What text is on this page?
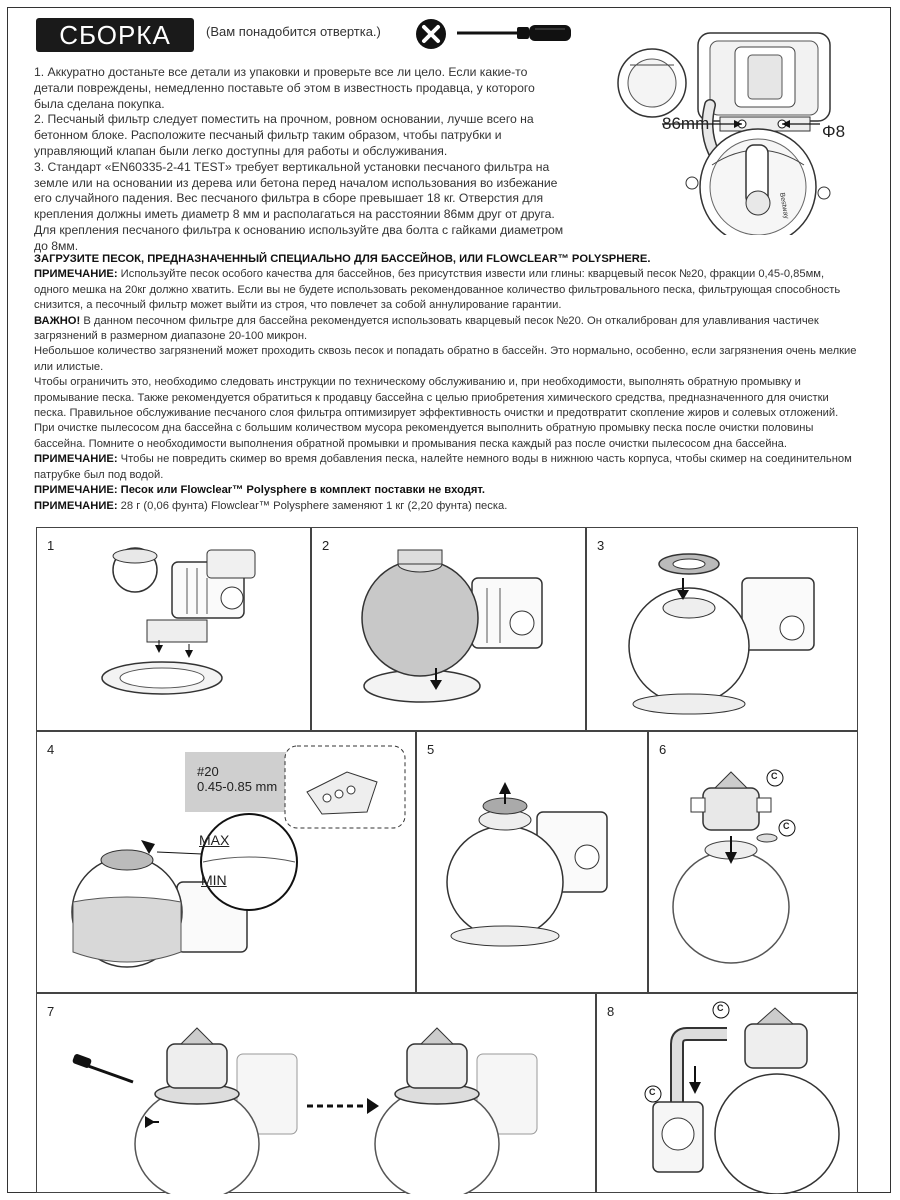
СБОРКА	(Вам понадобится отвертка.)

1. Аккуратно достаньте все детали из упаковки и проверьте все ли цело. Если какие-то детали повреждены, немедленно поставьте об этом в известность продавца, у которого была сделана покупка.

2. Песчаный фильтр следует поместить на прочном, ровном основании, лучше всего на бетонном блоке. Расположите песчаный фильтр таким образом, чтобы патрубки и управляющий клапан были легко доступны для работы и обслуживания.

3. Стандарт «EN60335-2-41 TEST» требует вертикальной установки песчаного фильтра на земле или на основании из дерева или бетона перед началом использования во избежание его случайного падения. Вес песчаного фильтра в сборе превышает 18 кг. Отверстия для крепления должны иметь диаметр 8 мм и располагаться на расстоянии 86мм друг от друга. Для крепления песчаного фильтра к основанию используйте два болта с гайками диаметром до 8мм.

Bestway
86mm	Φ8

ЗАГРУЗИТЕ ПЕСОК, ПРЕДНАЗНАЧЕННЫЙ СПЕЦИАЛЬНО ДЛЯ БАССЕЙНОВ, ИЛИ FLOWCLEAR™ POLYSPHERE.

ПРИМЕЧАНИЕ: Используйте песок особого качества для бассейнов, без присутствия извести или глины: кварцевый песок №20, фракции 0,45-0,85мм, одного мешка на 20кг должно хватить. Если вы не будете использовать рекомендованное количество фильтровального песка, фильтрующая способность снизится, а песочный фильтр может выйти из строя, что повлечет за собой аннулирование гарантии.

ВАЖНО! В данном песочном фильтре для бассейна рекомендуется использовать кварцевый песок №20. Он откалиброван для улавливания частичек загрязнений в размерном диапазоне 20-100 микрон.

Небольшое количество загрязнений может проходить сквозь песок и попадать обратно в бассейн. Это нормально, особенно, если загрязнения очень мелкие или илистые.

Чтобы ограничить это, необходимо следовать инструкции по техническому обслуживанию и, при необходимости, выполнять обратную промывку и промывание песка. Также рекомендуется обратиться к продавцу бассейна с целью приобретения химического средства, предназначенного для очистки песка. Правильное обслуживание песчаного слоя фильтра оптимизирует эффективность очистки и предотвратит скопление жиров и солевых отложений.

При очистке пылесосом дна бассейна с большим количеством мусора рекомендуется выполнить обратную промывку песка после очистки половины бассейна. Помните о необходимости выполнения обратной промывки и промывания песка каждый раз после очистки пылесосом дна бассейна.

ПРИМЕЧАНИЕ: Чтобы не повредить скимер во время добавления песка, налейте немного воды в нижнюю часть корпуса, чтобы скимер на соединительном патрубке был под водой.

ПРИМЕЧАНИЕ: Песок или Flowclear™ Polysphere в комплект поставки не входят.

ПРИМЕЧАНИЕ: 28 г (0,06 фунта) Flowclear™ Polysphere заменяют 1 кг (2,20 фунта) песка.

1	2	3
4
#20
0.45-0.85 mm
MAX
MIN
5	6
C
C
7	8	C
C
